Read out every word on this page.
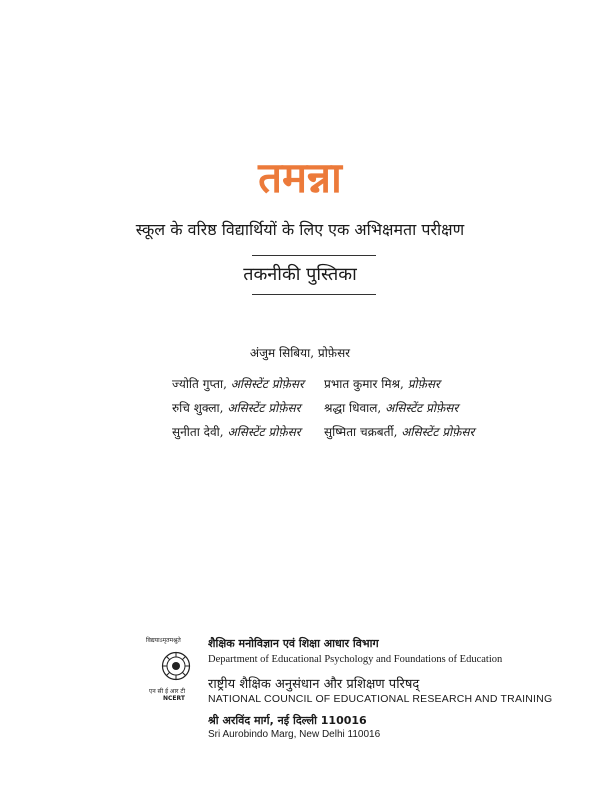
तमन्ना
स्कूल के वरिष्ठ विद्यार्थियों के लिए एक अभिक्षमता परीक्षण
तकनीकी पुस्तिका
अंजुम सिबिया, प्रोफ़ेसर
ज्योति गुप्ता, असिस्टेंट प्रोफ़ेसर प्रभात कुमार मिश्र, प्रोफ़ेसर
रुचि शुक्ला, असिस्टेंट प्रोफ़ेसर श्रद्धा धिवाल, असिस्टेंट प्रोफ़ेसर
सुनीता देवी, असिस्टेंट प्रोफ़ेसर सुष्मिता चक्रबर्ती, असिस्टेंट प्रोफ़ेसर
विद्ययाऽमृतमश्नुते
एन सी ई आर टी
NCERT
शैक्षिक मनोविज्ञान एवं शिक्षा आधार विभाग
Department of Educational Psychology and Foundations of Education
राष्ट्रीय शैक्षिक अनुसंधान और प्रशिक्षण परिषद्
NATIONAL COUNCIL OF EDUCATIONAL RESEARCH AND TRAINING
श्री अरविंद मार्ग, नई दिल्ली 110016
Sri Aurobindo Marg, New Delhi 110016
